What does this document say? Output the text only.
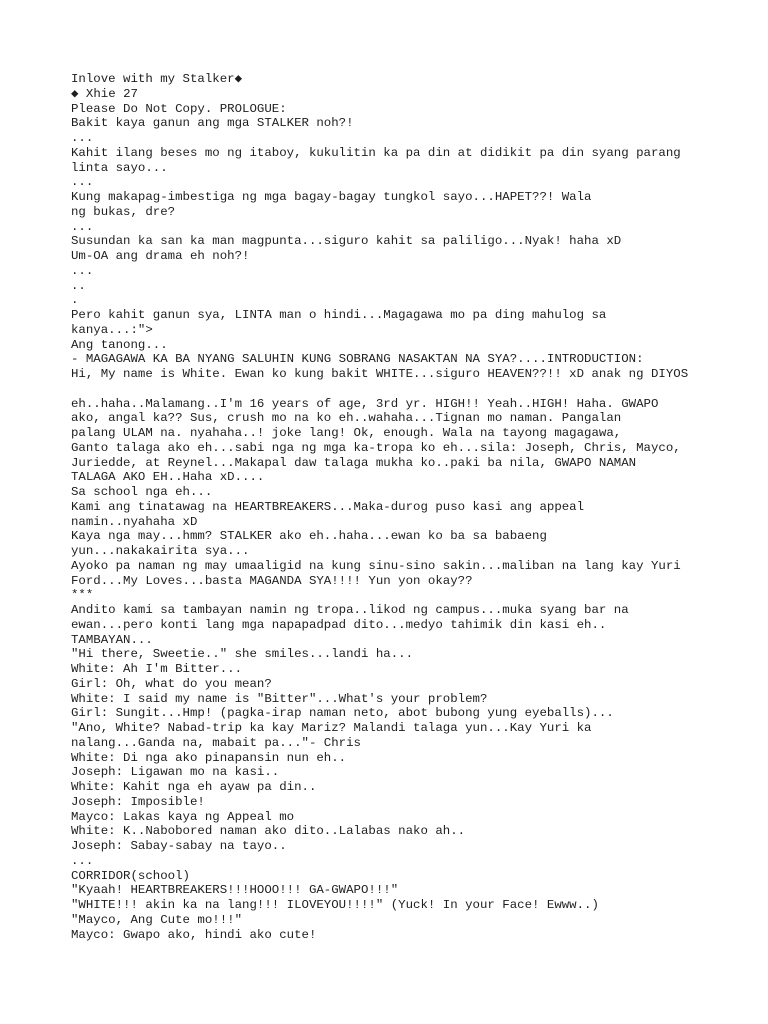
Inlove with my Stalker◆
◆ Xhie 27
Please Do Not Copy. PROLOGUE:
Bakit kaya ganun ang mga STALKER noh?!
...
Kahit ilang beses mo ng itaboy, kukulitin ka pa din at didikit pa din syang parang
linta sayo...
...
Kung makapag-imbestiga ng mga bagay-bagay tungkol sayo...HAPET??! Wala
ng bukas, dre?
...
Susundan ka san ka man magpunta...siguro kahit sa paliligo...Nyak! haha xD
Um-OA ang drama eh noh?!
...
..
.
Pero kahit ganun sya, LINTA man o hindi...Magagawa mo pa ding mahulog sa
kanya...:">
Ang tanong...
- MAGAGAWA KA BA NYANG SALUHIN KUNG SOBRANG NASAKTAN NA SYA?....INTRODUCTION:
Hi, My name is White. Ewan ko kung bakit WHITE...siguro HEAVEN??!! xD anak ng DIYOS
eh..haha..Malamang..I'm 16 years of age, 3rd yr. HIGH!! Yeah..HIGH! Haha. GWAPO
ako, angal ka?? Sus, crush mo na ko eh..wahaha...Tignan mo naman. Pangalan
palang ULAM na. nyahaha..! joke lang! Ok, enough. Wala na tayong magagawa,
Ganto talaga ako eh...sabi nga ng mga ka-tropa ko eh...sila: Joseph, Chris, Mayco,
Juriedde, at Reynel...Makapal daw talaga mukha ko..paki ba nila, GWAPO NAMAN
TALAGA AKO EH..Haha xD....
Sa school nga eh...
Kami ang tinatawag na HEARTBREAKERS...Maka-durog puso kasi ang appeal
namin..nyahaha xD
Kaya nga may...hmm? STALKER ako eh..haha...ewan ko ba sa babaeng
yun...nakakairita sya...
Ayoko pa naman ng may umaaligid na kung sinu-sino sakin...maliban na lang kay Yuri
Ford...My Loves...basta MAGANDA SYA!!!! Yun yon okay??
***
Andito kami sa tambayan namin ng tropa..likod ng campus...muka syang bar na
ewan...pero konti lang mga napapadpad dito...medyo tahimik din kasi eh..
TAMBAYAN...
"Hi there, Sweetie.." she smiles...landi ha...
White: Ah I'm Bitter...
Girl: Oh, what do you mean?
White: I said my name is "Bitter"...What's your problem?
Girl: Sungit...Hmp! (pagka-irap naman neto, abot bubong yung eyeballs)...
"Ano, White? Nabad-trip ka kay Mariz? Malandi talaga yun...Kay Yuri ka
nalang...Ganda na, mabait pa..."- Chris
White: Di nga ako pinapansin nun eh..
Joseph: Ligawan mo na kasi..
White: Kahit nga eh ayaw pa din..
Joseph: Imposible!
Mayco: Lakas kaya ng Appeal mo
White: K..Nabobored naman ako dito..Lalabas nako ah..
Joseph: Sabay-sabay na tayo..
...
CORRIDOR(school)
"Kyaah! HEARTBREAKERS!!!HOOO!!! GA-GWAPO!!!"
"WHITE!!! akin ka na lang!!! ILOVEYOU!!!!" (Yuck! In your Face! Ewww..)
"Mayco, Ang Cute mo!!!"
Mayco: Gwapo ako, hindi ako cute!
